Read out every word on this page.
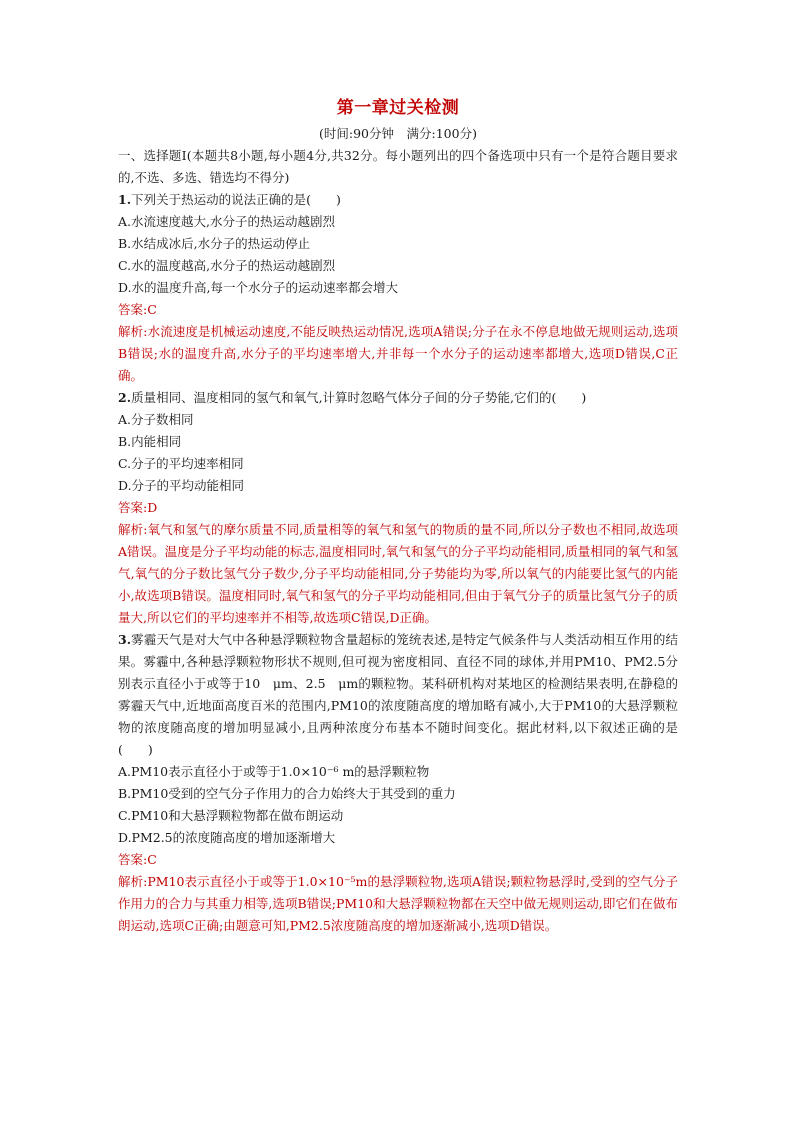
第一章过关检测

(时间:90分钟　满分:100分)

一、选择题Ⅰ(本题共8小题,每小题4分,共32分。每小题列出的四个备选项中只有一个是符合题目要求的,不选、多选、错选均不得分)

1.下列关于热运动的说法正确的是(　　)

A.水流速度越大,水分子的热运动越剧烈

B.水结成冰后,水分子的热运动停止

C.水的温度越高,水分子的热运动越剧烈

D.水的温度升高,每一个水分子的运动速率都会增大

答案:C

解析:水流速度是机械运动速度,不能反映热运动情况,选项A错误;分子在永不停息地做无规则运动,选项B错误;水的温度升高,水分子的平均速率增大,并非每一个水分子的运动速率都增大,选项D错误,C正确。

2.质量相同、温度相同的氢气和氧气,计算时忽略气体分子间的分子势能,它们的(　　)

A.分子数相同

B.内能相同

C.分子的平均速率相同

D.分子的平均动能相同

答案:D

解析:氧气和氢气的摩尔质量不同,质量相等的氧气和氢气的物质的量不同,所以分子数也不相同,故选项A错误。温度是分子平均动能的标志,温度相同时,氧气和氢气的分子平均动能相同,质量相同的氧气和氢气,氧气的分子数比氢气分子数少,分子平均动能相同,分子势能均为零,所以氧气的内能要比氢气的内能小,故选项B错误。温度相同时,氧气和氢气的分子平均动能相同,但由于氧气分子的质量比氢气分子的质量大,所以它们的平均速率并不相等,故选项C错误,D正确。

3.雾霾天气是对大气中各种悬浮颗粒物含量超标的笼统表述,是特定气候条件与人类活动相互作用的结果。雾霾中,各种悬浮颗粒物形状不规则,但可视为密度相同、直径不同的球体,并用PM10、PM2.5分别表示直径小于或等于10　μm、2.5　μm的颗粒物。某科研机构对某地区的检测结果表明,在静稳的雾霾天气中,近地面高度百米的范围内,PM10的浓度随高度的增加略有减小,大于PM10的大悬浮颗粒物的浓度随高度的增加明显减小,且两种浓度分布基本不随时间变化。据此材料,以下叙述正确的是(　　)

A.PM10表示直径小于或等于1.0×10⁻⁶ m的悬浮颗粒物

B.PM10受到的空气分子作用力的合力始终大于其受到的重力

C.PM10和大悬浮颗粒物都在做布朗运动

D.PM2.5的浓度随高度的增加逐渐增大

答案:C

解析:PM10表示直径小于或等于1.0×10⁻⁵m的悬浮颗粒物,选项A错误;颗粒物悬浮时,受到的空气分子作用力的合力与其重力相等,选项B错误;PM10和大悬浮颗粒物都在天空中做无规则运动,即它们在做布朗运动,选项C正确;由题意可知,PM2.5浓度随高度的增加逐渐减小,选项D错误。
